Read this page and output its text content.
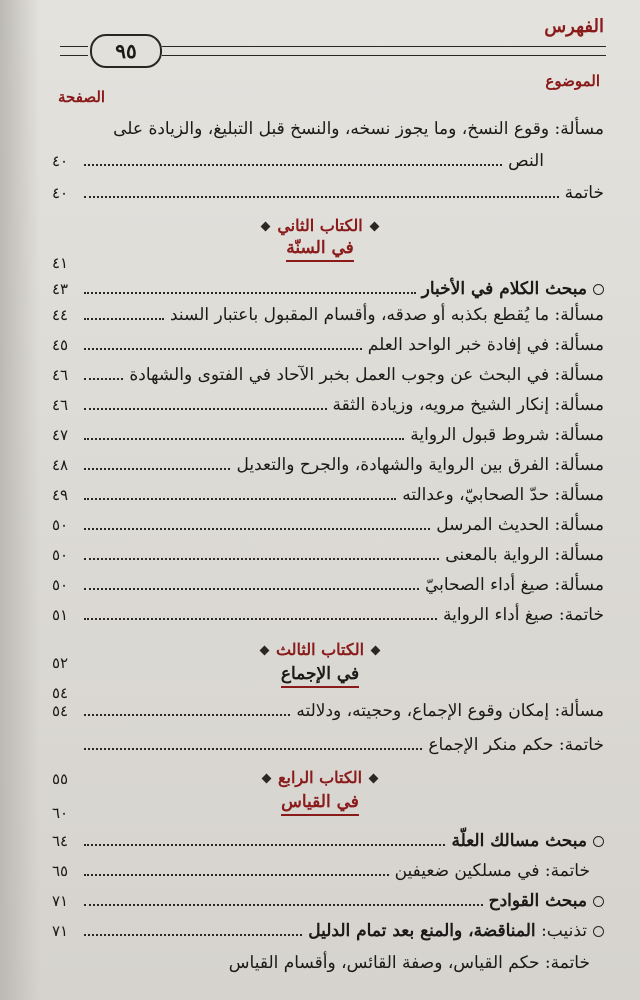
الفهرس
٩٥
الموضوع
الصفحة
مسألة: وقوع النسخ، وما يجوز نسخه، والنسخ قبل التبليغ، والزيادة على
النص
٤٠
خاتمة
٤٠
الكتاب الثاني
في السنّة
٤١
مبحث الكلام في الأخبار
٤٣
مسألة: ما يُقطع بكذبه أو صدقه، وأقسام المقبول باعتبار السند
٤٤
مسألة: في إفادة خبر الواحد العلم
٤٥
مسألة: في البحث عن وجوب العمل بخبر الآحاد في الفتوى والشهادة
٤٦
مسألة: إنكار الشيخ مرويه، وزيادة الثقة
٤٦
مسألة: شروط قبول الرواية
٤٧
مسألة: الفرق بين الرواية والشهادة، والجرح والتعديل
٤٨
مسألة: حدّ الصحابيّ، وعدالته
٤٩
مسألة: الحديث المرسل
٥٠
مسألة: الرواية بالمعنى
٥٠
مسألة: صيغ أداء الصحابيّ
٥٠
خاتمة: صيغ أداء الرواية
٥١
الكتاب الثالث
٥٢
في الإجماع
٥٤
مسألة: إمكان وقوع الإجماع، وحجيته، ودلالته
٥٤
خاتمة: حكم منكر الإجماع
الكتاب الرابع
٥٥
في القياس
٦٠
مبحث مسالك العلّة
٦٤
خاتمة: في مسلكين ضعيفين
٦٥
مبحث القوادح
٧١
تذنيب: المناقضة، والمنع بعد تمام الدليل
٧١
خاتمة: حكم القياس، وصفة القائس، وأقسام القياس
